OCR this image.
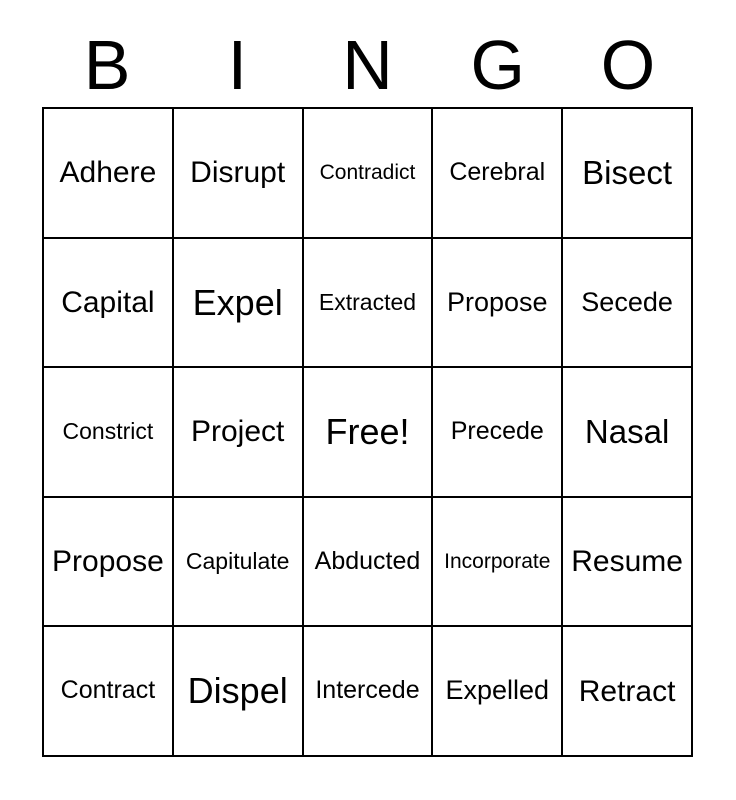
B	I	N	G	O
Adhere Disrupt Contradict Cerebral Bisect
Capital Expel Extracted Propose Secede
Constrict Project Free! Precede Nasal
Propose Capitulate Abducted Incorporate Resume
Contract Dispel Intercede Expelled Retract
